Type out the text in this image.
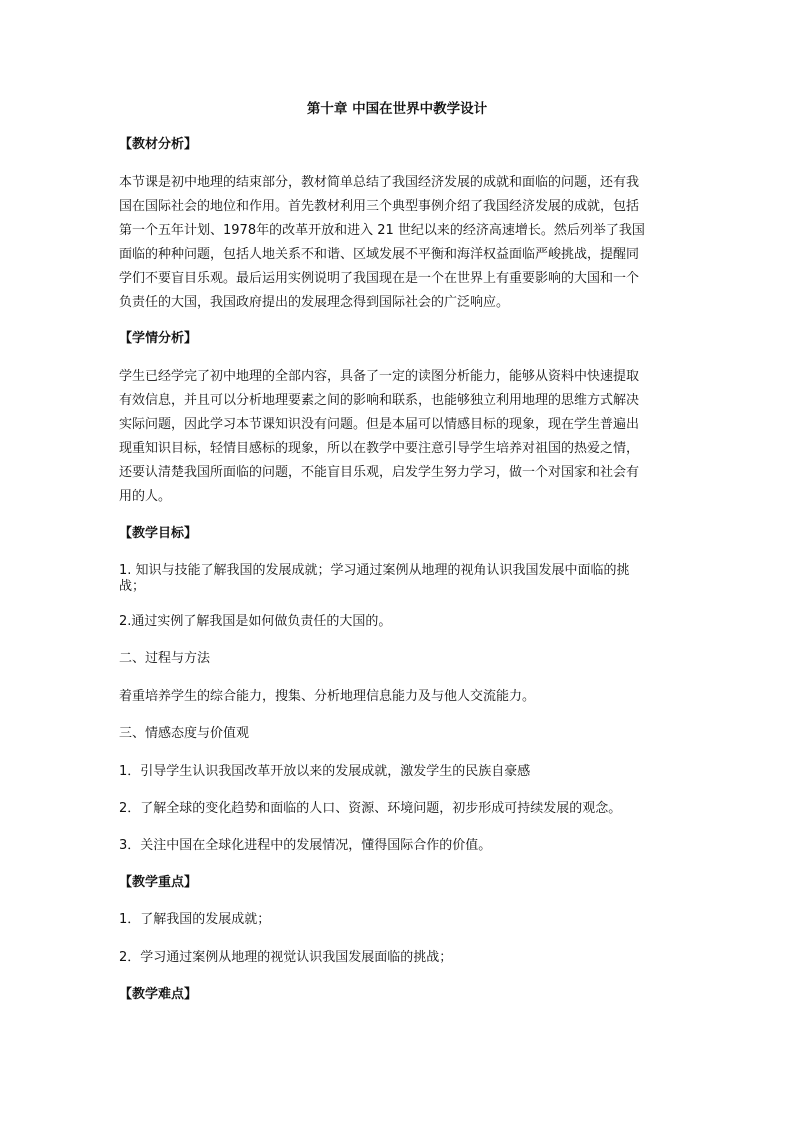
第十章 中国在世界中教学设计

【教材分析】

本节课是初中地理的结束部分，教材简单总结了我国经济发展的成就和面临的问题，还有我

国在国际社会的地位和作用。首先教材利用三个典型事例介绍了我国经济发展的成就，包括

第一个五年计划、1978年的改革开放和进入 21 世纪以来的经济高速增长。然后列举了我国

面临的种种问题，包括人地关系不和谐、区域发展不平衡和海洋权益面临严峻挑战，提醒同

学们不要盲目乐观。最后运用实例说明了我国现在是一个在世界上有重要影响的大国和一个

负责任的大国，我国政府提出的发展理念得到国际社会的广泛响应。

【学情分析】

学生已经学完了初中地理的全部内容，具备了一定的读图分析能力，能够从资料中快速提取

有效信息，并且可以分析地理要素之间的影响和联系，也能够独立利用地理的思维方式解决

实际问题，因此学习本节课知识没有问题。但是本届可以情感目标的现象，现在学生普遍出

现重知识目标，轻情目感标的现象，所以在教学中要注意引导学生培养对祖国的热爱之情，

还要认清楚我国所面临的问题，不能盲目乐观，启发学生努力学习，做一个对国家和社会有

用的人。

【教学目标】

1. 知识与技能了解我国的发展成就；学习通过案例从地理的视角认识我国发展中面临的挑

战；

2.通过实例了解我国是如何做负责任的大国的。

二、过程与方法

着重培养学生的综合能力，搜集、分析地理信息能力及与他人交流能力。

三、情感态度与价值观

1．引导学生认识我国改革开放以来的发展成就，激发学生的民族自豪感

2．了解全球的变化趋势和面临的人口、资源、环境问题，初步形成可持续发展的观念。

3．关注中国在全球化进程中的发展情况，懂得国际合作的价值。

【教学重点】

1．了解我国的发展成就；

2．学习通过案例从地理的视觉认识我国发展面临的挑战；

【教学难点】
